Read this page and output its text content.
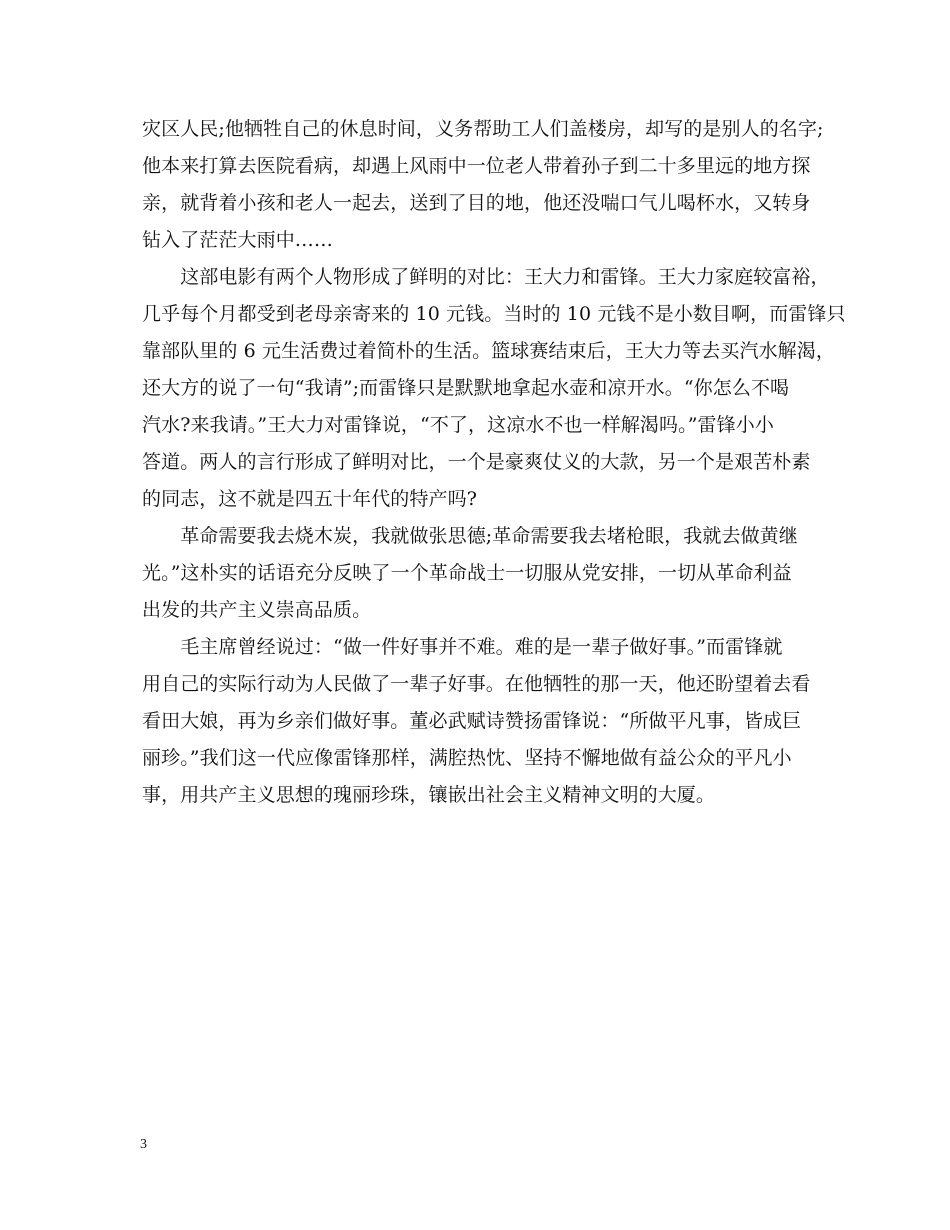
灾区人民;他牺牲自己的休息时间，义务帮助工人们盖楼房，却写的是别人的名字;
他本来打算去医院看病，却遇上风雨中一位老人带着孙子到二十多里远的地方探
亲，就背着小孩和老人一起去，送到了目的地，他还没喘口气儿喝杯水，又转身
钻入了茫茫大雨中……
　　这部电影有两个人物形成了鲜明的对比：王大力和雷锋。王大力家庭较富裕，
几乎每个月都受到老母亲寄来的 10 元钱。当时的 10 元钱不是小数目啊，而雷锋只
靠部队里的 6 元生活费过着简朴的生活。篮球赛结束后，王大力等去买汽水解渴，
还大方的说了一句“我请”;而雷锋只是默默地拿起水壶和凉开水。“你怎么不喝
汽水?来我请。”王大力对雷锋说，“不了，这凉水不也一样解渴吗。”雷锋小小
答道。两人的言行形成了鲜明对比，一个是豪爽仗义的大款，另一个是艰苦朴素
的同志，这不就是四五十年代的特产吗?
　　革命需要我去烧木炭，我就做张思德;革命需要我去堵枪眼，我就去做黄继
光。”这朴实的话语充分反映了一个革命战士一切服从党安排，一切从革命利益
出发的共产主义崇高品质。
　　毛主席曾经说过：“做一件好事并不难。难的是一辈子做好事。”而雷锋就
用自己的实际行动为人民做了一辈子好事。在他牺牲的那一天，他还盼望着去看
看田大娘，再为乡亲们做好事。董必武赋诗赞扬雷锋说：“所做平凡事，皆成巨
丽珍。”我们这一代应像雷锋那样，满腔热忱、坚持不懈地做有益公众的平凡小
事，用共产主义思想的瑰丽珍珠，镶嵌出社会主义精神文明的大厦。
3
